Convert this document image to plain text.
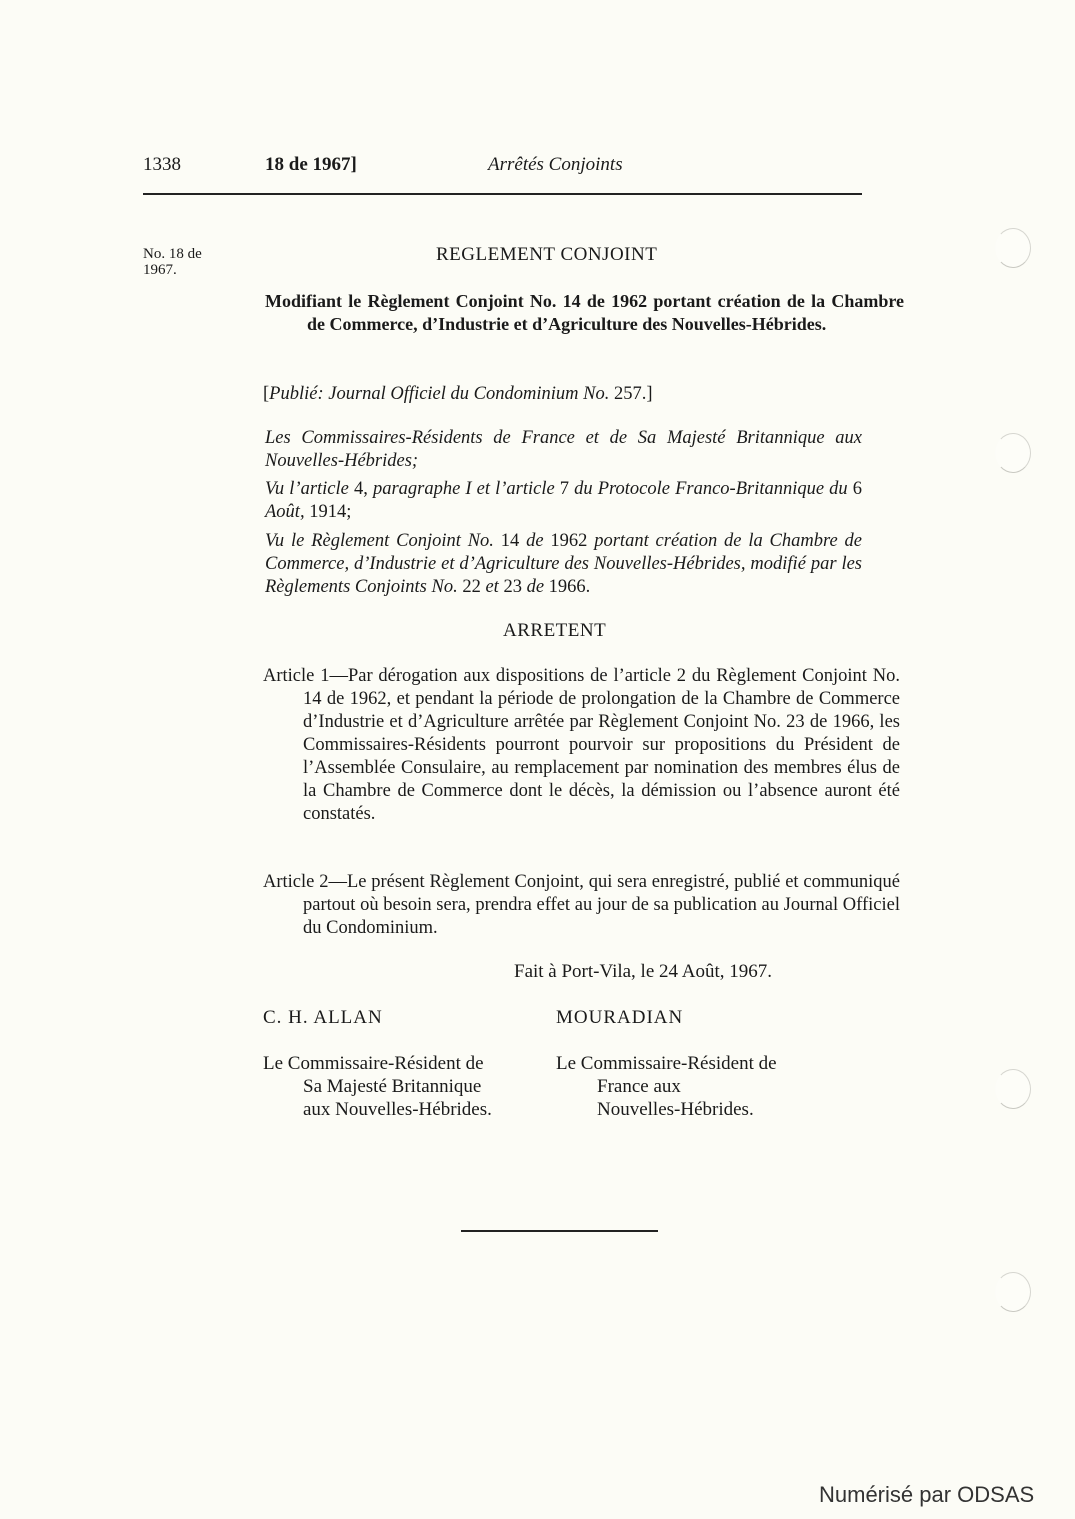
1338	18 de 1967]	Arrêtés Conjoints
No. 18 de
1967.
REGLEMENT CONJOINT
Modifiant le Règlement Conjoint No. 14 de 1962 portant création de la Chambre de Commerce, d’Industrie et d’Agriculture des Nouvelles-Hébrides.
[Publié: Journal Officiel du Condominium No. 257.]
Les Commissaires-Résidents de France et de Sa Majesté Britannique aux Nouvelles-Hébrides;
Vu l’article 4, paragraphe I et l’article 7 du Protocole Franco-Britannique du 6 Août, 1914;
Vu le Règlement Conjoint No. 14 de 1962 portant création de la Chambre de Commerce, d’Industrie et d’Agriculture des Nouvelles-Hébrides, modifié par les Règlements Conjoints No. 22 et 23 de 1966.
ARRETENT
Article 1—Par dérogation aux dispositions de l’article 2 du Règlement Conjoint No. 14 de 1962, et pendant la période de prolongation de la Chambre de Commerce d’Industrie et d’Agriculture arrêtée par Règlement Conjoint No. 23 de 1966, les Commissaires-Résidents pourront pourvoir sur propositions du Président de l’Assemblée Consulaire, au remplacement par nomination des membres élus de la Chambre de Commerce dont le décès, la démission ou l’absence auront été constatés.
Article 2—Le présent Règlement Conjoint, qui sera enregistré, publié et communiqué partout où besoin sera, prendra effet au jour de sa publication au Journal Officiel du Condominium.
Fait à Port-Vila, le 24 Août, 1967.
C. H. ALLAN	MOURADIAN
Le Commissaire-Résident de
Sa Majesté Britannique
aux Nouvelles-Hébrides.
Le Commissaire-Résident de
France aux
Nouvelles-Hébrides.
Numérisé par ODSAS
